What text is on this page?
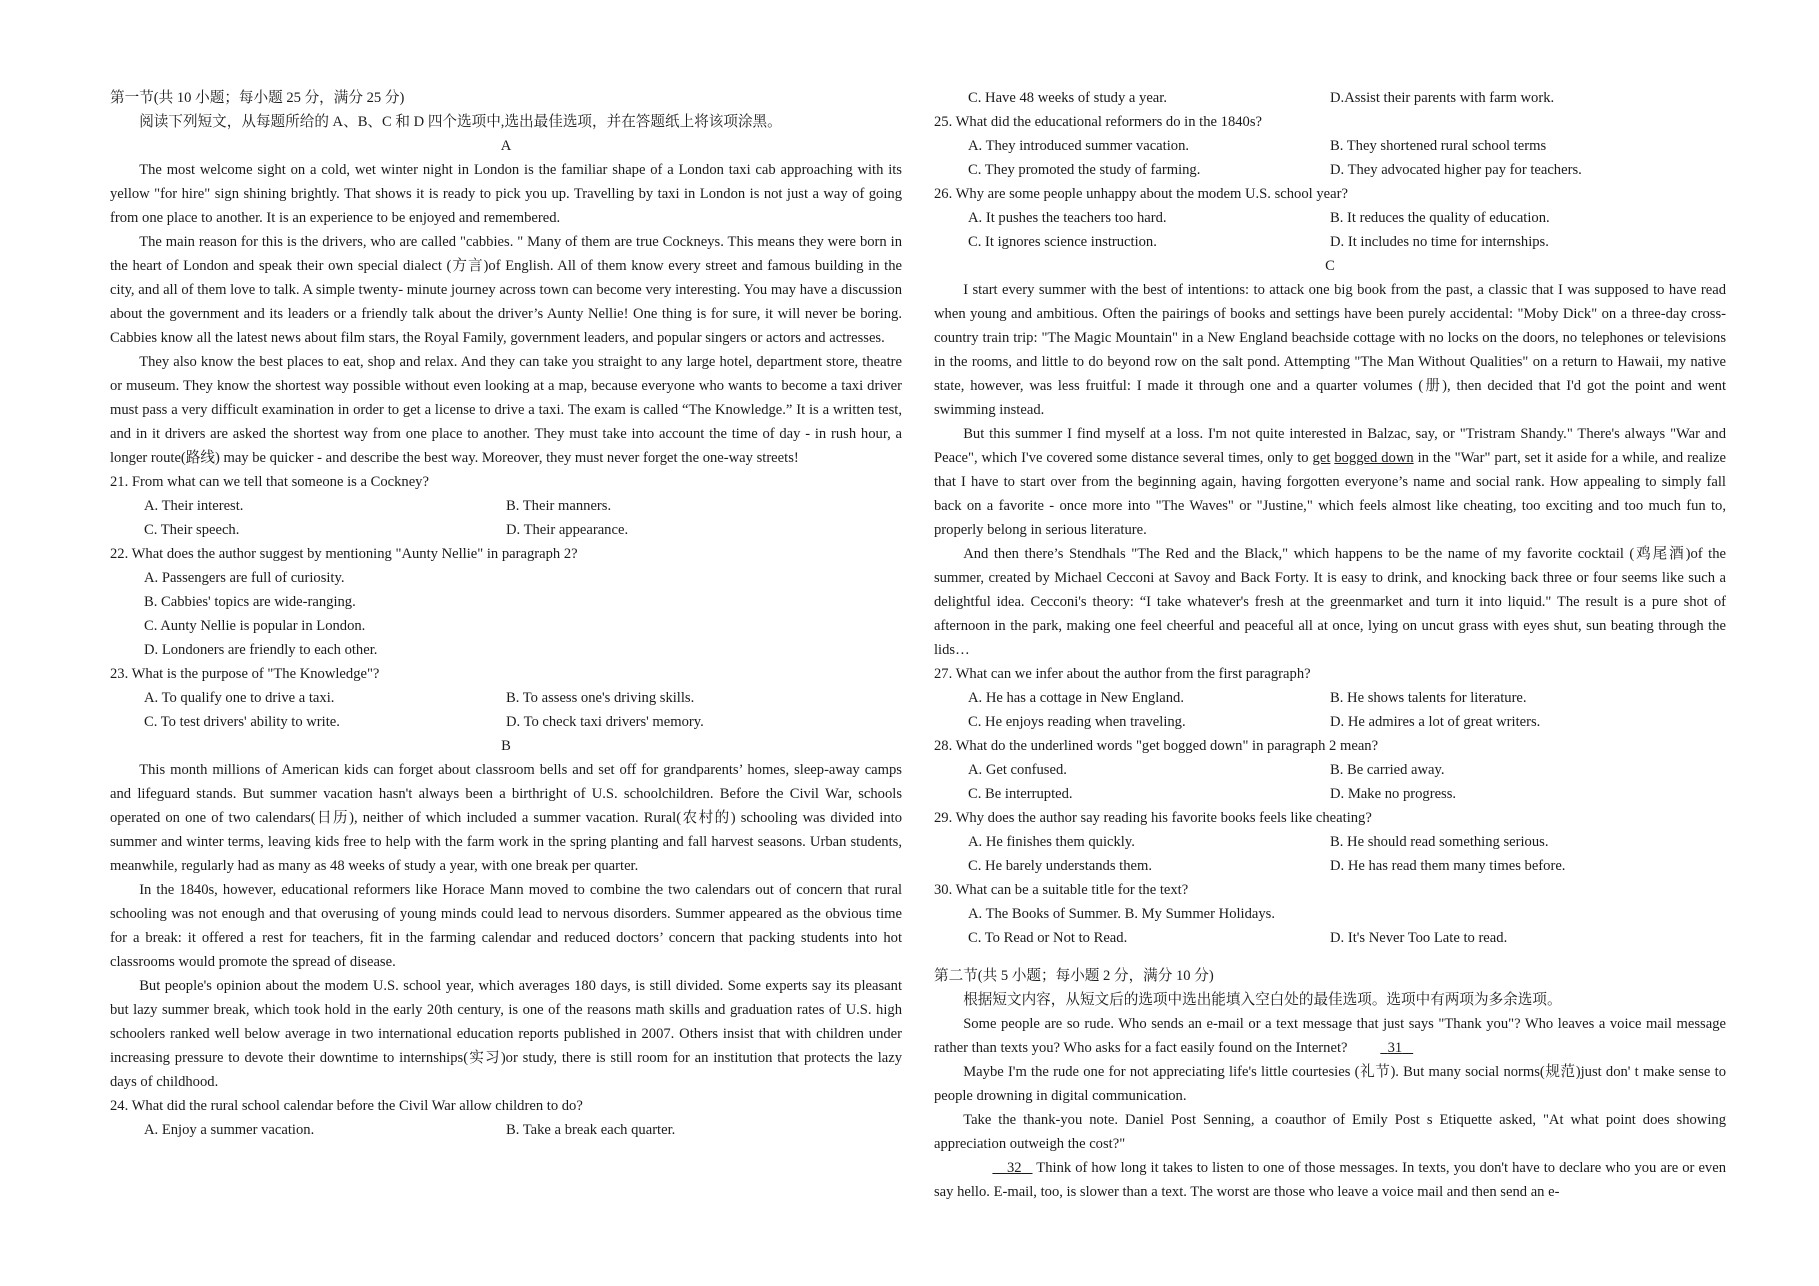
第一节(共 10 小题；每小题 25 分，满分 25 分)

阅读下列短文，从每题所给的 A、B、C 和 D 四个选项中,选出最佳选项，并在答题纸上将该项涂黑。

A

The most welcome sight on a cold, wet winter night in London is the familiar shape of a London taxi cab approaching with its yellow "for hire" sign shining brightly. That shows it is ready to pick you up. Travelling by taxi in London is not just a way of going from one place to another. It is an experience to be enjoyed and remembered.

The main reason for this is the drivers, who are called "cabbies. " Many of them are true Cockneys. This means they were born in the heart of London and speak their own special dialect (方言)of English. All of them know every street and famous building in the city, and all of them love to talk. A simple twenty- minute journey across town can become very interesting. You may have a discussion about the government and its leaders or a friendly talk about the driver’s Aunty Nellie! One thing is for sure, it will never be boring. Cabbies know all the latest news about film stars, the Royal Family, government leaders, and popular singers or actors and actresses.

They also know the best places to eat, shop and relax. And they can take you straight to any large hotel, department store, theatre or museum. They know the shortest way possible without even looking at a map, because everyone who wants to become a taxi driver must pass a very difficult examination in order to get a license to drive a taxi. The exam is called “The Knowledge.” It is a written test, and in it drivers are asked the shortest way from one place to another. They must take into account the time of day - in rush hour, a longer route(路线) may be quicker - and describe the best way. Moreover, they must never forget the one-way streets!

21. From what can we tell that someone is a Cockney?

A. Their interest.	B. Their manners.
C. Their speech.	D. Their appearance.

22. What does the author suggest by mentioning "Aunty Nellie" in paragraph 2?

A. Passengers are full of curiosity.

B. Cabbies' topics are wide-ranging.

C. Aunty Nellie is popular in London.

D. Londoners are friendly to each other.

23. What is the purpose of "The Knowledge"?

A. To qualify one to drive a taxi.	B. To assess one's driving skills.
C. To test drivers' ability to write.	D. To check taxi drivers' memory.

B

This month millions of American kids can forget about classroom bells and set off for grandparents’ homes, sleep-away camps and lifeguard stands. But summer vacation hasn't always been a birthright of U.S. schoolchildren. Before the Civil War, schools operated on one of two calendars(日历), neither of which included a summer vacation. Rural(农村的) schooling was divided into summer and winter terms, leaving kids free to help with the farm work in the spring planting and fall harvest seasons. Urban students, meanwhile, regularly had as many as 48 weeks of study a year, with one break per quarter.

In the 1840s, however, educational reformers like Horace Mann moved to combine the two calendars out of concern that rural schooling was not enough and that overusing of young minds could lead to nervous disorders. Summer appeared as the obvious time for a break: it offered a rest for teachers, fit in the farming calendar and reduced doctors’ concern that packing students into hot classrooms would promote the spread of disease.

But people's opinion about the modem U.S. school year, which averages 180 days, is still divided. Some experts say its pleasant but lazy summer break, which took hold in the early 20th century, is one of the reasons math skills and graduation rates of U.S. high schoolers ranked well below average in two international education reports published in 2007. Others insist that with children under increasing pressure to devote their downtime to internships(实习)or study, there is still room for an institution that protects the lazy days of childhood.

24. What did the rural school calendar before the Civil War allow children to do?

A. Enjoy a summer vacation.	B. Take a break each quarter.
C. Have 48 weeks of study a year.	D.Assist their parents with farm work.

25. What did the educational reformers do in the 1840s?

A. They introduced summer vacation.	B. They shortened rural school terms
C. They promoted the study of farming.	D. They advocated higher pay for teachers.

26. Why are some people unhappy about the modem U.S. school year?

A. It pushes the teachers too hard.	B. It reduces the quality of education.
C. It ignores science instruction.	D. It includes no time for internships.

C

I start every summer with the best of intentions: to attack one big book from the past, a classic that I was supposed to have read when young and ambitious. Often the pairings of books and settings have been purely accidental: "Moby Dick" on a three-day cross-country train trip: "The Magic Mountain" in a New England beachside cottage with no locks on the doors, no telephones or televisions in the rooms, and little to do beyond row on the salt pond. Attempting "The Man Without Qualities" on a return to Hawaii, my native state, however, was less fruitful: I made it through one and a quarter volumes (册), then decided that I'd got the point and went swimming instead.

But this summer I find myself at a loss. I'm not quite interested in Balzac, say, or "Tristram Shandy." There's always "War and Peace", which I've covered some distance several times, only to get bogged down in the "War" part, set it aside for a while, and realize that I have to start over from the beginning again, having forgotten everyone’s name and social rank. How appealing to simply fall back on a favorite - once more into "The Waves" or "Justine," which feels almost like cheating, too exciting and too much fun to, properly belong in serious literature.

And then there’s Stendhals "The Red and the Black," which happens to be the name of my favorite cocktail (鸡尾酒)of the summer, created by Michael Cecconi at Savoy and Back Forty. It is easy to drink, and knocking back three or four seems like such a delightful idea. Cecconi's theory: “I take whatever's fresh at the greenmarket and turn it into liquid." The result is a pure shot of afternoon in the park, making one feel cheerful and peaceful all at once, lying on uncut grass with eyes shut, sun beating through the lids…

27. What can we infer about the author from the first paragraph?

A. He has a cottage in New England.	B. He shows talents for literature.
C. He enjoys reading when traveling.	D. He admires a lot of great writers.

28. What do the underlined words "get bogged down" in paragraph 2 mean?

A. Get confused.	B. Be carried away.
C. Be interrupted.	D. Make no progress.

29. Why does the author say reading his favorite books feels like cheating?

A. He finishes them quickly.	B. He should read something serious.
C. He barely understands them.	D. He has read them many times before.

30. What can be a suitable title for the text?

A. The Books of Summer. B. My Summer Holidays.

C. To Read or Not to Read.	D. It's Never Too Late to read.

第二节(共 5 小题；每小题 2 分，满分 10 分)

根据短文内容，从短文后的选项中选出能填入空白处的最佳选项。选项中有两项为多余选项。

Some people are so rude. Who sends an e-mail or a text message that just says "Thank you"? Who leaves a voice mail message rather than texts you? Who asks for a fact easily found on the Internet?	31

Maybe I'm the rude one for not appreciating life's little courtesies (礼节). But many social norms(规范)just don' t make sense to people drowning in digital communication.

Take the thank-you note. Daniel Post Senning, a coauthor of Emily Post s Etiquette asked, "At what point does showing appreciation outweigh the cost?"

32 Think of how long it takes to listen to one of those messages. In texts, you don't have to declare who you are or even say hello. E-mail, too, is slower than a text. The worst are those who leave a voice mail and then send an e-
